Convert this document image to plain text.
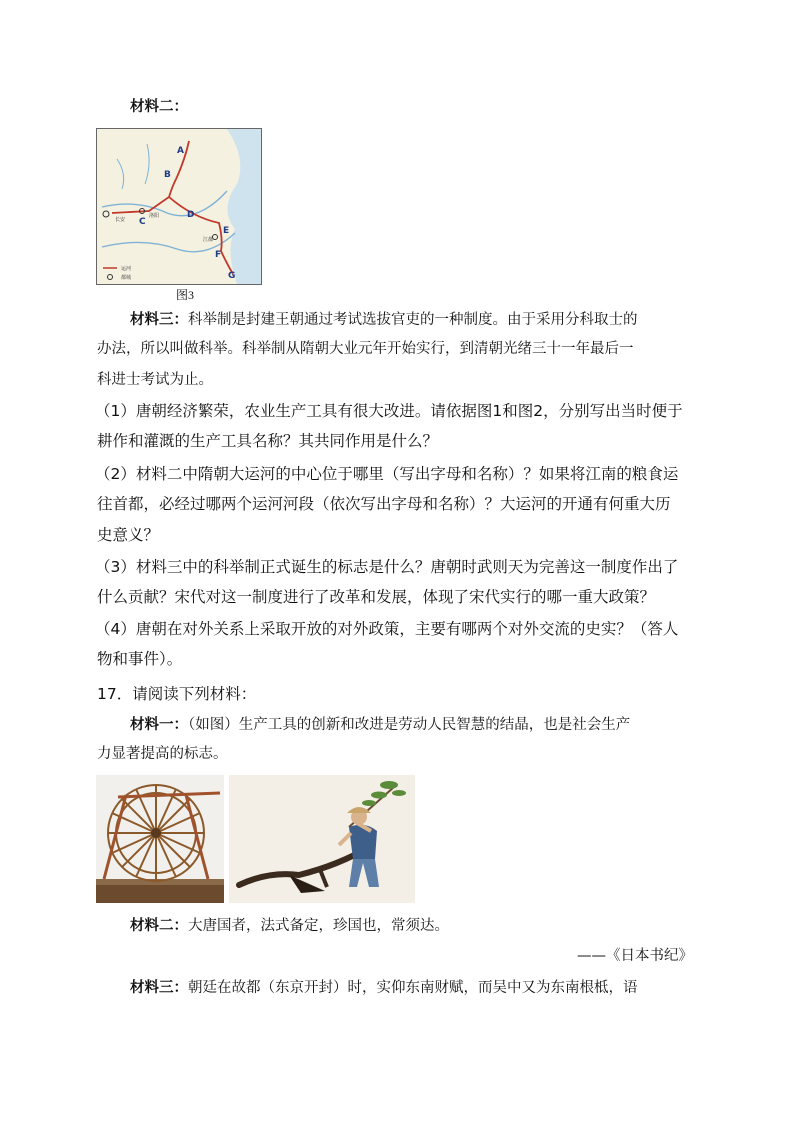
材料二：
A
B
C
D
E
F
G
洛阳
长安
江都
运河
都城
图3
材料三：科举制是封建王朝通过考试选拔官吏的一种制度。由于采用分科取士的
办法，所以叫做科举。科举制从隋朝大业元年开始实行，到清朝光绪三十一年最后一
科进士考试为止。
（1）唐朝经济繁荣，农业生产工具有很大改进。请依据图1和图2，分别写出当时便于
耕作和灌溉的生产工具名称？其共同作用是什么？
（2）材料二中隋朝大运河的中心位于哪里（写出字母和名称）？如果将江南的粮食运
往首都，必经过哪两个运河河段（依次写出字母和名称）？大运河的开通有何重大历
史意义？
（3）材料三中的科举制正式诞生的标志是什么？唐朝时武则天为完善这一制度作出了
什么贡献？宋代对这一制度进行了改革和发展，体现了宋代实行的哪一重大政策？
（4）唐朝在对外关系上采取开放的对外政策，主要有哪两个对外交流的史实？（答人
物和事件）。
17．请阅读下列材料：
材料一：（如图）生产工具的创新和改进是劳动人民智慧的结晶，也是社会生产
力显著提高的标志。
材料二：大唐国者，法式备定，珍国也，常须达。
——《日本书纪》
材料三：朝廷在故都（东京开封）时，实仰东南财赋，而吴中又为东南根柢，语
